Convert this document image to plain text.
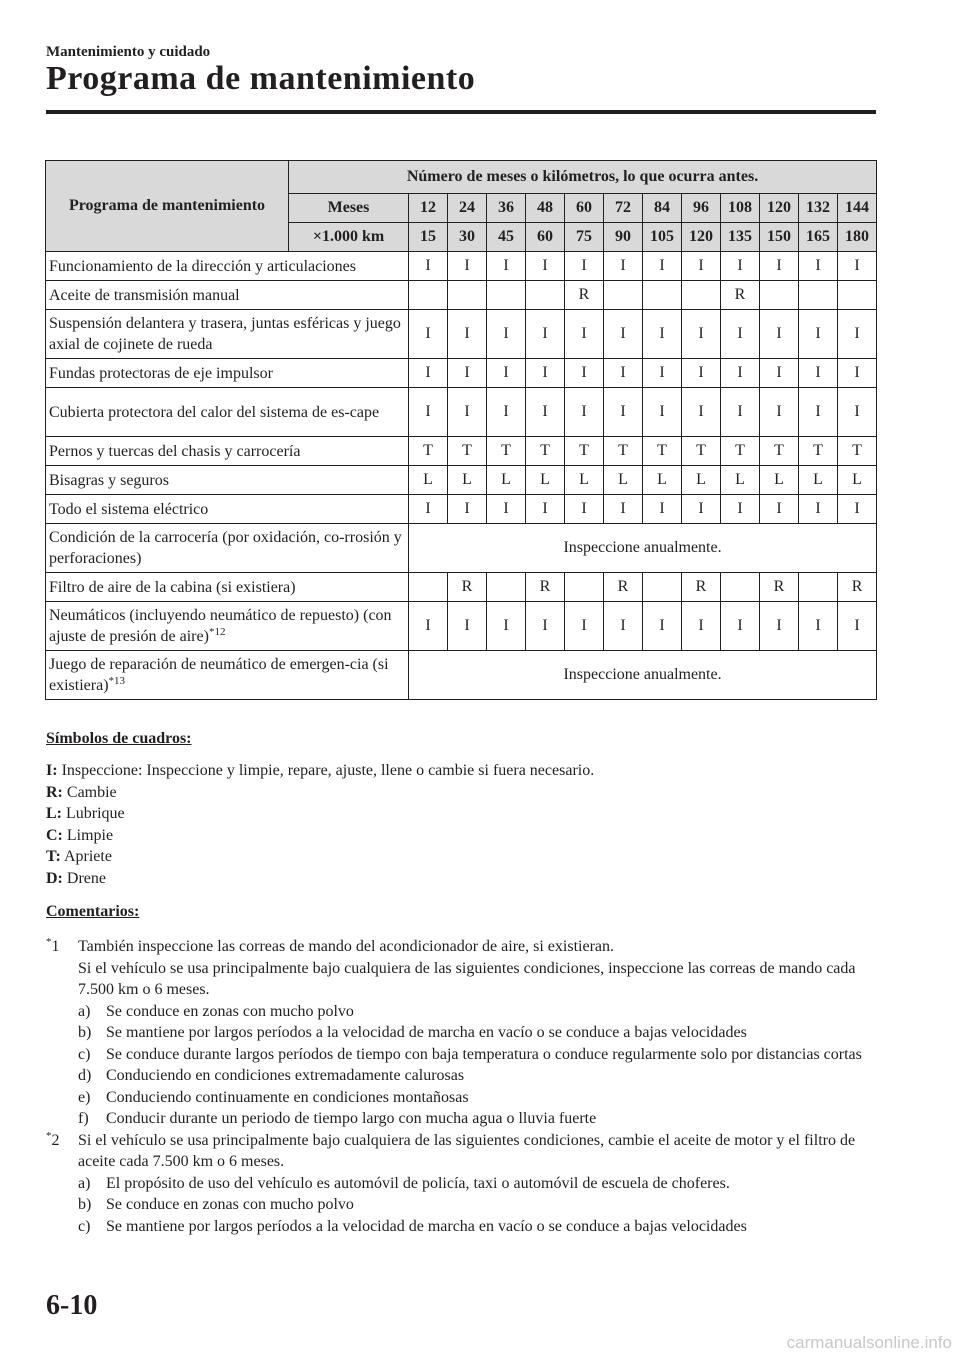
Mantenimiento y cuidado
Programa de mantenimiento
Programa de mantenimiento	Número de meses o kilómetros, lo que ocurra antes.												
	Meses	12	24	36	48	60	72	84	96	108	120	132	144
	×1.000 km	15	30	45	60	75	90	105	120	135	150	165	180
Funcionamiento de la dirección y articulaciones		I	I	I	I	I	I	I	I	I	I	I	I
Aceite de transmisión manual						R				R			
Suspensión delantera y trasera, juntas esféricas y juego axial de cojinete de rueda		I	I	I	I	I	I	I	I	I	I	I	I
Fundas protectoras de eje impulsor		I	I	I	I	I	I	I	I	I	I	I	I
Cubierta protectora del calor del sistema de es-cape		I	I	I	I	I	I	I	I	I	I	I	I
Pernos y tuercas del chasis y carrocería		T	T	T	T	T	T	T	T	T	T	T	T
Bisagras y seguros		L	L	L	L	L	L	L	L	L	L	L	L
Todo el sistema eléctrico		I	I	I	I	I	I	I	I	I	I	I	I
Condición de la carrocería (por oxidación, co-rrosión y perforaciones)		Inspeccione anualmente.											
Filtro de aire de la cabina (si existiera)			R		R		R		R		R		R
Neumáticos (incluyendo neumático de repuesto) (con ajuste de presión de aire)$^{*12}$		I	I	I	I	I	I	I	I	I	I	I	I
Juego de reparación de neumático de emergen-cia (si existiera)$^{*13}$		Inspeccione anualmente.											
Símbolos de cuadros:
I: Inspeccione: Inspeccione y limpie, repare, ajuste, llene o cambie si fuera necesario.
R: Cambie
L: Lubrique
C: Limpie
T: Apriete
D: Drene
Comentarios:
*1 También inspeccione las correas de mando del acondicionador de aire, si existieran.
Si el vehículo se usa principalmente bajo cualquiera de las siguientes condiciones, inspeccione las correas de mando cada 7.500 km o 6 meses.
a) Se conduce en zonas con mucho polvo
b) Se mantiene por largos períodos a la velocidad de marcha en vacío o se conduce a bajas velocidades
c) Se conduce durante largos períodos de tiempo con baja temperatura o conduce regularmente solo por distancias cortas
d) Conduciendo en condiciones extremadamente calurosas
e) Conduciendo continuamente en condiciones montañosas
f) Conducir durante un periodo de tiempo largo con mucha agua o lluvia fuerte
*2 Si el vehículo se usa principalmente bajo cualquiera de las siguientes condiciones, cambie el aceite de motor y el filtro de aceite cada 7.500 km o 6 meses.
a) El propósito de uso del vehículo es automóvil de policía, taxi o automóvil de escuela de choferes.
b) Se conduce en zonas con mucho polvo
c) Se mantiene por largos períodos a la velocidad de marcha en vacío o se conduce a bajas velocidades
6-10
carmanualsonline.info
